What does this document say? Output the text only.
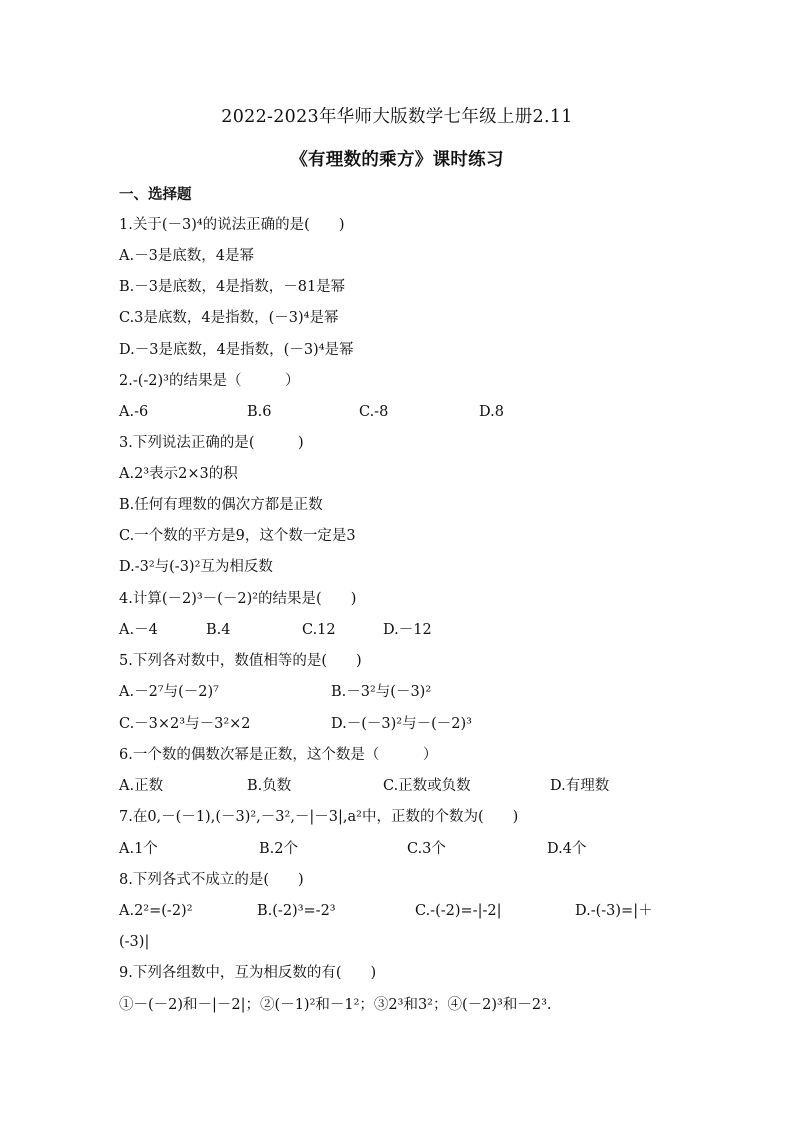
2022-2023年华师大版数学七年级上册2.11
《有理数的乘方》课时练习
一、选择题
1.关于(－3)⁴的说法正确的是(　　)
A.－3是底数，4是幂
B.－3是底数，4是指数，－81是幂
C.3是底数，4是指数，(－3)⁴是幂
D.－3是底数，4是指数，(－3)⁴是幂
2.-(-2)³的结果是（　　　）

A.-6

	B.6

	C.-8

	D.8

3.下列说法正确的是(　　　)
A.2³表示2×3的积
B.任何有理数的偶次方都是正数
C.一个数的平方是9，这个数一定是3
D.-3²与(-3)²互为相反数
4.计算(－2)³－(－2)²的结果是(　　)

A.－4

	B.4

	C.12

	D.－12

5.下列各对数中，数值相等的是(　　)

A.－2⁷与(－2)⁷

	B.－3²与(－3)²

C.－3×2³与－3²×2

	D.－(－3)²与－(－2)³

6.一个数的偶数次幂是正数，这个数是（　　　）

A.正数

	B.负数

	C.正数或负数

	D.有理数

7.在0,－(－1),(－3)²,－3²,－|－3|,a²中，正数的个数为(　　)

A.1个

	B.2个

	C.3个

	D.4个

8.下列各式不成立的是(　　)

A.2²=(-2)²

	B.(-2)³=-2³

	C.-(-2)=-|-2|

	D.-(-3)=|＋

(-3)|
9.下列各组数中，互为相反数的有(　　)
①－(－2)和－|－2|；②(－1)²和－1²；③2³和3²；④(－2)³和－2³.
